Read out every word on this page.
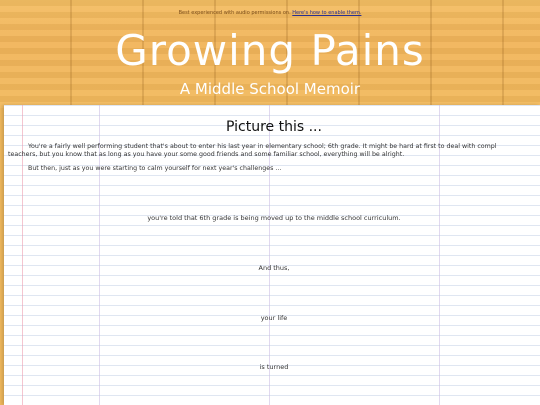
Best experienced with audio permissions on. Here's how to enable them.
Growing Pains
A Middle School Memoir
Picture this ...
You're a fairly well performing student that's about to enter his last year in elementary school; 6th grade. It might be hard at first to deal with compl
teachers, but you know that as long as you have your some good friends and some familiar school, everything will be alright.
But then, just as you were starting to calm yourself for next year's challenges ...
you're told that 6th grade is being moved up to the middle school curriculum.
And thus,
your life
is turned
